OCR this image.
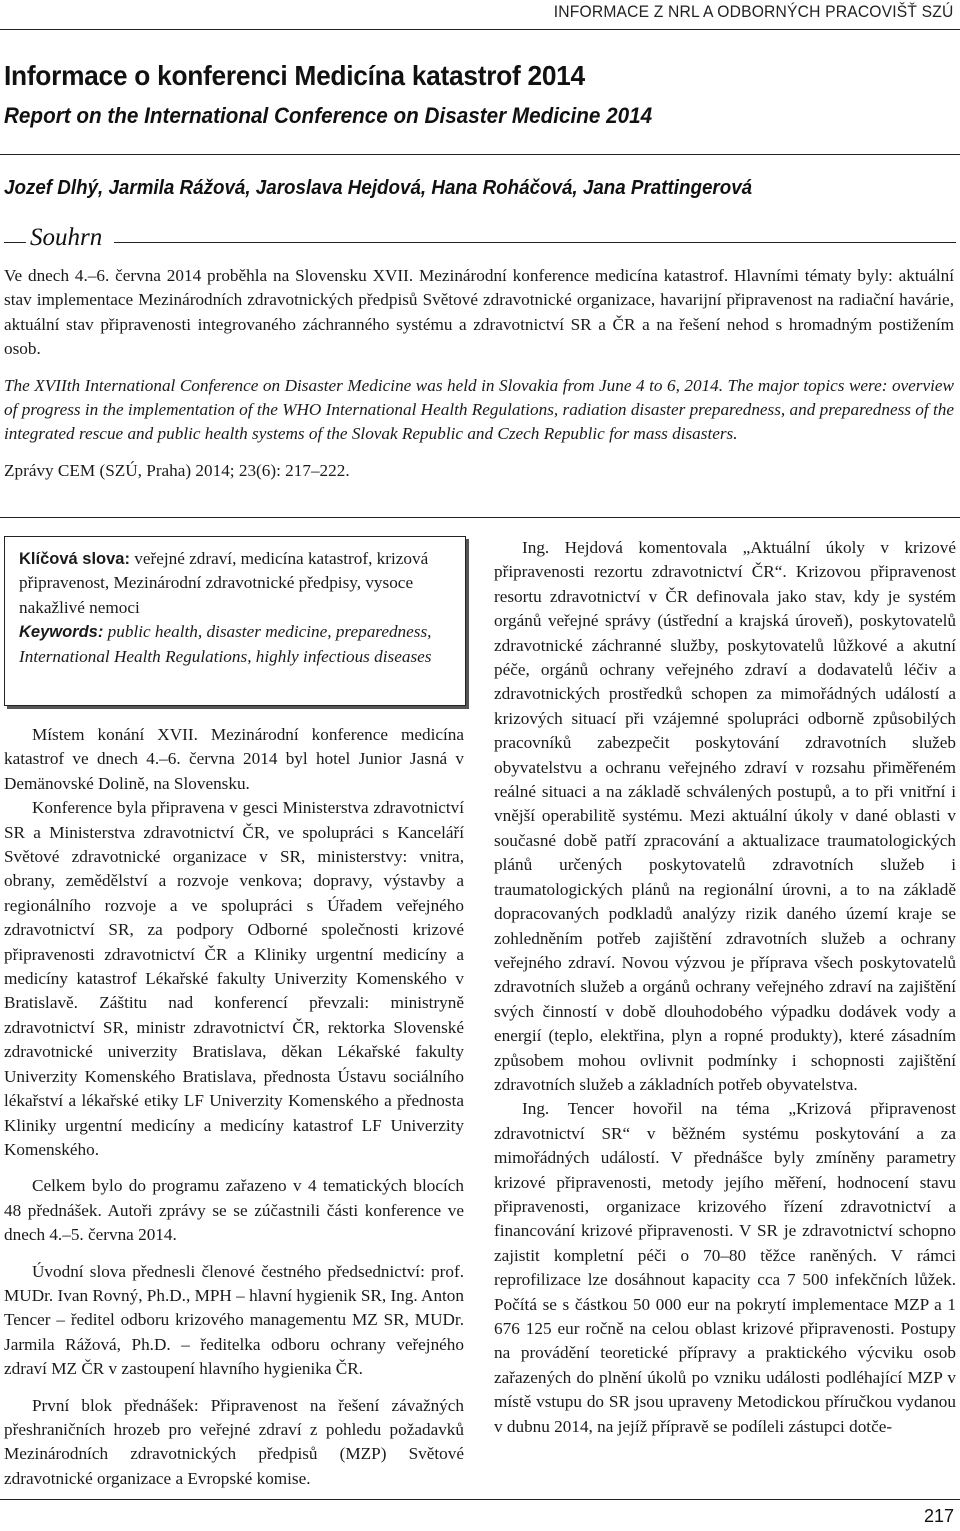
INFORMACE Z NRL A ODBORNÝCH PRACOVIŠŤ SZÚ
Informace o konferenci Medicína katastrof 2014
Report on the International Conference on Disaster Medicine 2014
Jozef Dlhý, Jarmila Rážová, Jaroslava Hejdová, Hana Roháčová, Jana Prattingerová
Souhrn

Ve dnech 4.–6. června 2014 proběhla na Slovensku XVII. Mezinárodní konference medicína katastrof. Hlavními tématy byly: aktuální stav implementace Mezinárodních zdravotnických předpisů Světové zdravotnické organizace, havarijní připravenost na radiační havárie, aktuální stav připravenosti integrovaného záchranného systému a zdravotnictví SR a ČR a na řešení nehod s hromadným postižením osob.

The XVIIth International Conference on Disaster Medicine was held in Slovakia from June 4 to 6, 2014. The major topics were: overview of progress in the implementation of the WHO International Health Regulations, radiation disaster preparedness, and preparedness of the integrated rescue and public health systems of the Slovak Republic and Czech Republic for mass disasters.

Zprávy CEM (SZÚ, Praha) 2014; 23(6): 217–222.

Klíčová slova: veřejné zdraví, medicína katastrof, krizová připravenost, Mezinárodní zdravotnické předpisy, vysoce nakažlivé nemoci

Keywords: public health, disaster medicine, preparedness, International Health Regulations, highly infectious diseases

Místem konání XVII. Mezinárodní konference medicína katastrof ve dnech 4.–6. června 2014 byl hotel Junior Jasná v Demänovské Dolině, na Slovensku.

Konference byla připravena v gesci Ministerstva zdravotnictví SR a Ministerstva zdravotnictví ČR, ve spolupráci s Kanceláří Světové zdravotnické organizace v SR, ministerstvy: vnitra, obrany, zemědělství a rozvoje venkova; dopravy, výstavby a regionálního rozvoje a ve spolupráci s Úřadem veřejného zdravotnictví SR, za podpory Odborné společnosti krizové připravenosti zdravotnictví ČR a Kliniky urgentní medicíny a medicíny katastrof Lékařské fakulty Univerzity Komenského v Bratislavě. Záštitu nad konferencí převzali: ministryně zdravotnictví SR, ministr zdravotnictví ČR, rektorka Slovenské zdravotnické univerzity Bratislava, děkan Lékařské fakulty Univerzity Komenského Bratislava, přednosta Ústavu sociálního lékařství a lékařské etiky LF Univerzity Komenského a přednosta Kliniky urgentní medicíny a medicíny katastrof LF Univerzity Komenského.

Celkem bylo do programu zařazeno v 4 tematických blocích 48 přednášek. Autoři zprávy se se zúčastnili části konference ve dnech 4.–5. června 2014.

Úvodní slova přednesli členové čestného předsednictví: prof. MUDr. Ivan Rovný, Ph.D., MPH – hlavní hygienik SR, Ing. Anton Tencer – ředitel odboru krizového managementu MZ SR, MUDr. Jarmila Rážová, Ph.D. – ředitelka odboru ochrany veřejného zdraví MZ ČR v zastoupení hlavního hygienika ČR.

První blok přednášek: Připravenost na řešení závažných přeshraničních hrozeb pro veřejné zdraví z pohledu požadavků Mezinárodních zdravotnických předpisů (MZP) Světové zdravotnické organizace a Evropské komise.

Ing. Hejdová komentovala „Aktuální úkoly v krizové připravenosti rezortu zdravotnictví ČR“. Krizovou připravenost resortu zdravotnictví v ČR definovala jako stav, kdy je systém orgánů veřejné správy (ústřední a krajská úroveň), poskytovatelů zdravotnické záchranné služby, poskytovatelů lůžkové a akutní péče, orgánů ochrany veřejného zdraví a dodavatelů léčiv a zdravotnických prostředků schopen za mimořádných událostí a krizových situací při vzájemné spolupráci odborně způsobilých pracovníků zabezpečit poskytování zdravotních služeb obyvatelstvu a ochranu veřejného zdraví v rozsahu přiměřeném reálné situaci a na základě schválených postupů, a to při vnitřní i vnější operabilitě systému. Mezi aktuální úkoly v dané oblasti v současné době patří zpracování a aktualizace traumatologických plánů určených poskytovatelů zdravotních služeb i traumatologických plánů na regionální úrovni, a to na základě dopracovaných podkladů analýzy rizik daného území kraje se zohledněním potřeb zajištění zdravotních služeb a ochrany veřejného zdraví. Novou výzvou je příprava všech poskytovatelů zdravotních služeb a orgánů ochrany veřejného zdraví na zajištění svých činností v době dlouhodobého výpadku dodávek vody a energií (teplo, elektřina, plyn a ropné produkty), které zásadním způsobem mohou ovlivnit podmínky i schopnosti zajištění zdravotních služeb a základních potřeb obyvatelstva.

Ing. Tencer hovořil na téma „Krizová připravenost zdravotnictví SR“ v běžném systému poskytování a za mimořádných událostí. V přednášce byly zmíněny parametry krizové připravenosti, metody jejího měření, hodnocení stavu připravenosti, organizace krizového řízení zdravotnictví a financování krizové připravenosti. V SR je zdravotnictví schopno zajistit kompletní péči o 70–80 těžce raněných. V rámci reprofilizace lze dosáhnout kapacity cca 7 500 infekčních lůžek. Počítá se s částkou 50 000 eur na pokrytí implementace MZP a 1 676 125 eur ročně na celou oblast krizové připravenosti. Postupy na provádění teoretické přípravy a praktického výcviku osob zařazených do plnění úkolů po vzniku události podléhající MZP v místě vstupu do SR jsou upraveny Metodickou příručkou vydanou v dubnu 2014, na jejíž přípravě se podíleli zástupci dotče-

217
